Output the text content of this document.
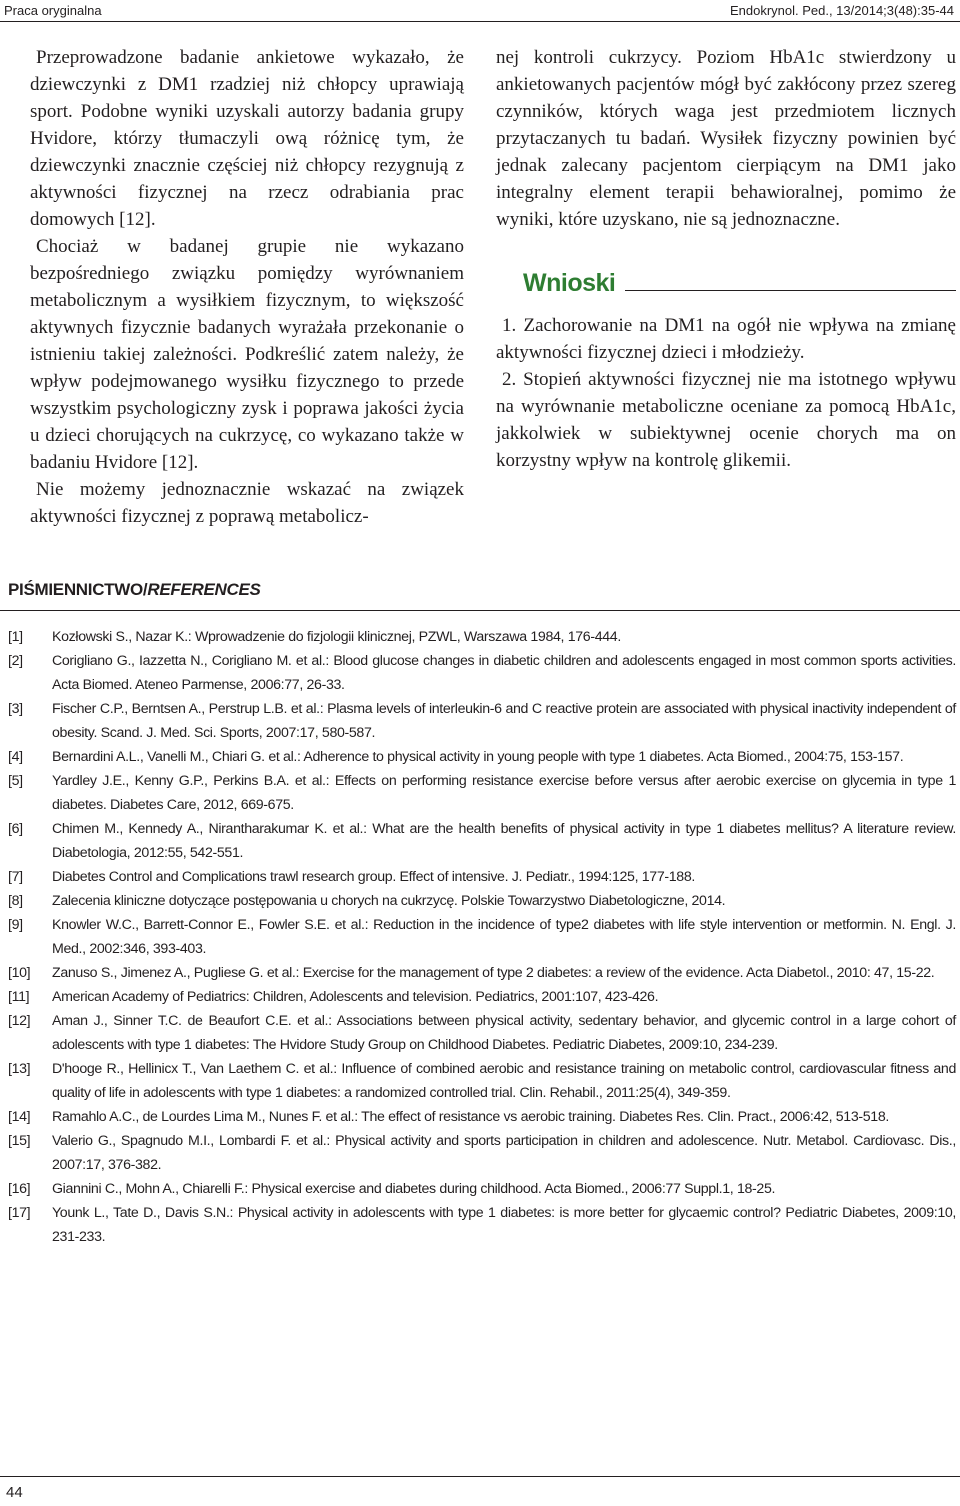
Praca oryginalna	Endokrynol. Ped., 13/2014;3(48):35-44

Przeprowadzone badanie ankietowe wykazało, że dziewczynki z DM1 rzadziej niż chłopcy uprawiają sport. Podobne wyniki uzyskali autorzy badania grupy Hvidore, którzy tłumaczyli ową różnicę tym, że dziewczynki znacznie częściej niż chłopcy rezygnują z aktywności fizycznej na rzecz odrabiania prac domowych [12].

Chociaż w badanej grupie nie wykazano bezpośredniego związku pomiędzy wyrównaniem metabolicznym a wysiłkiem fizycznym, to większość aktywnych fizycznie badanych wyrażała przekonanie o istnieniu takiej zależności. Podkreślić zatem należy, że wpływ podejmowanego wysiłku fizycznego to przede wszystkim psychologiczny zysk i poprawa jakości życia u dzieci chorujących na cukrzycę, co wykazano także w badaniu Hvidore [12].

Nie możemy jednoznacznie wskazać na związek aktywności fizycznej z poprawą metabolicz-

nej kontroli cukrzycy. Poziom HbA1c stwierdzony u ankietowanych pacjentów mógł być zakłócony przez szereg czynników, których waga jest przedmiotem licznych przytaczanych tu badań. Wysiłek fizyczny powinien być jednak zalecany pacjentom cierpiącym na DM1 jako integralny element terapii behawioralnej, pomimo że wyniki, które uzyskano, nie są jednoznaczne.

Wnioski

1. Zachorowanie na DM1 na ogół nie wpływa na zmianę aktywności fizycznej dzieci i młodzieży.

2. Stopień aktywności fizycznej nie ma istotnego wpływu na wyrównanie metaboliczne oceniane za pomocą HbA1c, jakkolwiek w subiektywnej ocenie chorych ma on korzystny wpływ na kontrolę glikemii.

PIŚMIENNICTWO/REFERENCES
[1]	Kozłowski S., Nazar K.: Wprowadzenie do fizjologii klinicznej, PZWL, Warszawa 1984, 176-444.
[2]	Corigliano G., Iazzetta N., Corigliano M. et al.: Blood glucose changes in diabetic children and adolescents engaged in most common sports activities. Acta Biomed. Ateneo Parmense, 2006:77, 26-33.
[3]	Fischer C.P., Berntsen A., Perstrup L.B. et al.: Plasma levels of interleukin-6 and C reactive protein are associated with physical inactivity independent of obesity. Scand. J. Med. Sci. Sports, 2007:17, 580-587.
[4]	Bernardini A.L., Vanelli M., Chiari G. et al.: Adherence to physical activity in young people with type 1 diabetes. Acta Biomed., 2004:75, 153-157.
[5]	Yardley J.E., Kenny G.P., Perkins B.A. et al.: Effects on performing resistance exercise before versus after aerobic exercise on glycemia in type 1 diabetes. Diabetes Care, 2012, 669-675.
[6]	Chimen M., Kennedy A., Nirantharakumar K. et al.: What are the health benefits of physical activity in type 1 diabetes mellitus? A literature review. Diabetologia, 2012:55, 542-551.
[7]	Diabetes Control and Complications trawl research group. Effect of intensive. J. Pediatr., 1994:125, 177-188.
[8]	Zalecenia kliniczne dotyczące postępowania u chorych na cukrzycę. Polskie Towarzystwo Diabetologiczne, 2014.
[9]	Knowler W.C., Barrett-Connor E., Fowler S.E. et al.: Reduction in the incidence of type2 diabetes with life style intervention or metformin. N. Engl. J. Med., 2002:346, 393-403.
[10]	Zanuso S., Jimenez A., Pugliese G. et al.: Exercise for the management of type 2 diabetes: a review of the evidence. Acta Diabetol., 2010: 47, 15-22.
[11]	American Academy of Pediatrics: Children, Adolescents and television. Pediatrics, 2001:107, 423-426.
[12]	Aman J., Sinner T.C. de Beaufort C.E. et al.: Associations between physical activity, sedentary behavior, and glycemic control in a large cohort of adolescents with type 1 diabetes: The Hvidore Study Group on Childhood Diabetes. Pediatric Diabetes, 2009:10, 234-239.
[13]	D'hooge R., Hellinicx T., Van Laethem C. et al.: Influence of combined aerobic and resistance training on metabolic control, cardiovascular fitness and quality of life in adolescents with type 1 diabetes: a randomized controlled trial. Clin. Rehabil., 2011:25(4), 349-359.
[14]	Ramahlo A.C., de Lourdes Lima M., Nunes F. et al.: The effect of resistance vs aerobic training. Diabetes Res. Clin. Pract., 2006:42, 513-518.
[15]	Valerio G., Spagnudo M.I., Lombardi F. et al.: Physical activity and sports participation in children and adolescence. Nutr. Metabol. Cardiovasc. Dis., 2007:17, 376-382.
[16]	Giannini C., Mohn A., Chiarelli F.: Physical exercise and diabetes during childhood. Acta Biomed., 2006:77 Suppl.1, 18-25.
[17]	Younk L., Tate D., Davis S.N.: Physical activity in adolescents with type 1 diabetes: is more better for glycaemic control? Pediatric Diabetes, 2009:10, 231-233.
44
